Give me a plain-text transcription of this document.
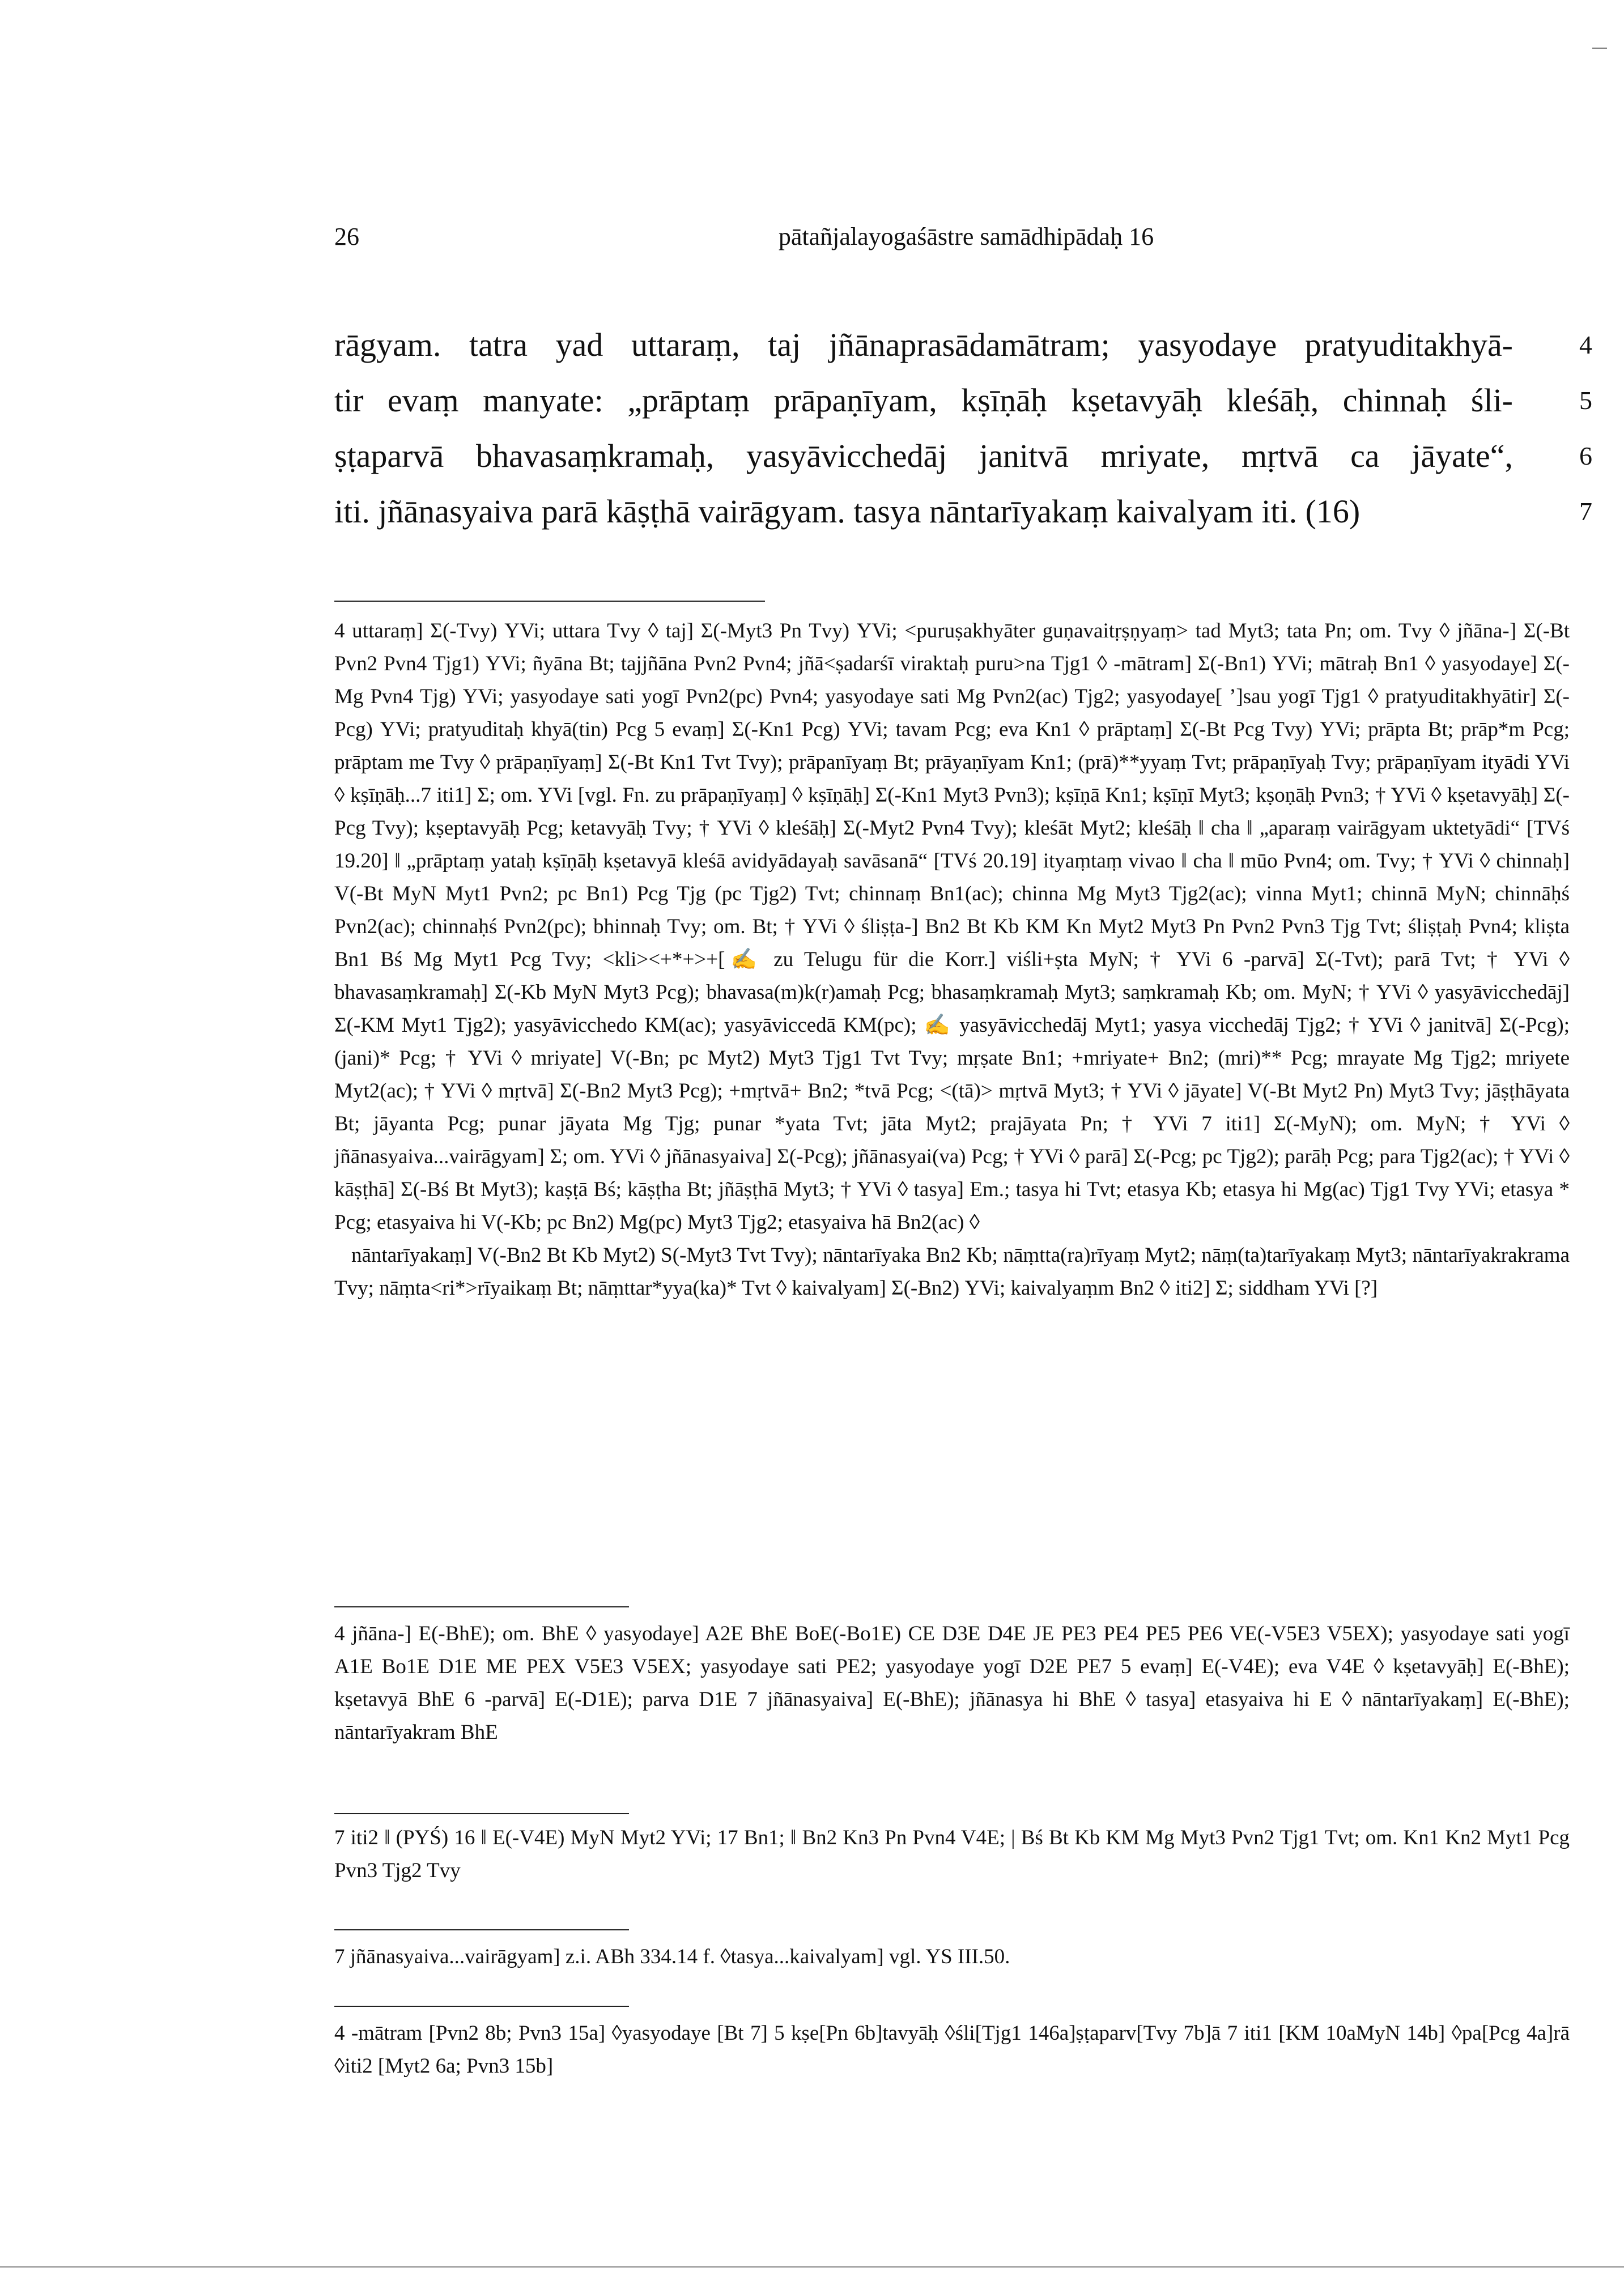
26	pātañjalayogaśāstre samādhipādaḥ 16
rāgyam. tatra yad uttaraṃ, taj jñānaprasādamātram; yasyodaye pratyuditakhyā-	4
tir evaṃ manyate: „prāptaṃ prāpaṇīyam, kṣīṇāḥ kṣetavyāḥ kleśāḥ, chinnaḥ śli-	5
ṣṭaparvā bhavasaṃkramaḥ, yasyāvicchedāj janitvā mriyate, mṛtvā ca jāyate“,	6
iti. jñānasyaiva parā kāṣṭhā vairāgyam. tasya nāntarīyakaṃ kaivalyam iti. (16)	7

4 uttaraṃ] Σ(-Tvy) YVi; uttara Tvy ◊ taj] Σ(-Myt3 Pn Tvy) YVi; <puruṣakhyāter guṇavaitṛṣṇyaṃ> tad Myt3; tata Pn; om. Tvy ◊ jñāna-] Σ(-Bt Pvn2 Pvn4 Tjg1) YVi; ñyāna Bt; tajjñāna Pvn2 Pvn4; jñā<ṣadarśī viraktaḥ puru>na Tjg1 ◊ -mātram] Σ(-Bn1) YVi; mātraḥ Bn1 ◊ yasyodaye] Σ(-Mg Pvn4 Tjg) YVi; yasyodaye sati yogī Pvn2(pc) Pvn4; yasyodaye sati Mg Pvn2(ac) Tjg2; yasyodaye[ ’]sau yogī Tjg1 ◊ pratyuditakhyātir] Σ(-Pcg) YVi; pratyuditaḥ khyā(tin) Pcg 5 evaṃ] Σ(-Kn1 Pcg) YVi; tavam Pcg; eva Kn1 ◊ prāptaṃ] Σ(-Bt Pcg Tvy) YVi; prāpta Bt; prāp*m Pcg; prāptam me Tvy ◊ prāpaṇīyaṃ] Σ(-Bt Kn1 Tvt Tvy); prāpanīyaṃ Bt; prāyaṇīyam Kn1; (prā)**yyaṃ Tvt; prāpaṇīyaḥ Tvy; prāpaṇīyam ityādi YVi ◊ kṣīṇāḥ...7 iti1] Σ; om. YVi [vgl. Fn. zu prāpaṇīyaṃ] ◊ kṣīṇāḥ] Σ(-Kn1 Myt3 Pvn3); kṣīṇā Kn1; kṣīṇī Myt3; kṣoṇāḥ Pvn3; † YVi ◊ kṣetavyāḥ] Σ(-Pcg Tvy); kṣeptavyāḥ Pcg; ketavyāḥ Tvy; † YVi ◊ kleśāḥ] Σ(-Myt2 Pvn4 Tvy); kleśāt Myt2; kleśāḥ ‖ cha ‖ „aparaṃ vairāgyam uktetyādi“ [TVś 19.20] ‖ „prāptaṃ yataḥ kṣīṇāḥ kṣetavyā kleśā avidyādayaḥ savāsanā“ [TVś 20.19] ityaṃtaṃ vivao ‖ cha ‖ mūo Pvn4; om. Tvy; † YVi ◊ chinnaḥ] V(-Bt MyN Myt1 Pvn2; pc Bn1) Pcg Tjg (pc Tjg2) Tvt; chinnaṃ Bn1(ac); chinna Mg Myt3 Tjg2(ac); vinna Myt1; chinnā MyN; chinnāḥś Pvn2(ac); chinnaḥś Pvn2(pc); bhinnaḥ Tvy; om. Bt; † YVi ◊ śliṣṭa-] Bn2 Bt Kb KM Kn Myt2 Myt3 Pn Pvn2 Pvn3 Tjg Tvt; śliṣṭaḥ Pvn4; kliṣta Bn1 Bś Mg Myt1 Pcg Tvy; <kli><+*+>+[✍ zu Telugu für die Korr.] viśli+ṣta MyN; † YVi 6 -parvā] Σ(-Tvt); parā Tvt; † YVi ◊ bhavasaṃkramaḥ] Σ(-Kb MyN Myt3 Pcg); bhavasa(m)k(r)amaḥ Pcg; bhasaṃkramaḥ Myt3; saṃkramaḥ Kb; om. MyN; † YVi ◊ yasyāvicchedāj] Σ(-KM Myt1 Tjg2); yasyāvicchedo KM(ac); yasyāviccedā KM(pc); ✍ yasyāvicchedāj Myt1; yasya vicchedāj Tjg2; † YVi ◊ janitvā] Σ(-Pcg); (jani)* Pcg; † YVi ◊ mriyate] V(-Bn; pc Myt2) Myt3 Tjg1 Tvt Tvy; mṛṣate Bn1; +mriyate+ Bn2; (mri)** Pcg; mrayate Mg Tjg2; mriyete Myt2(ac); † YVi ◊ mṛtvā] Σ(-Bn2 Myt3 Pcg); +mṛtvā+ Bn2; *tvā Pcg; <(tā)> mṛtvā Myt3; † YVi ◊ jāyate] V(-Bt Myt2 Pn) Myt3 Tvy; jāṣṭhāyata Bt; jāyanta Pcg; punar jāyata Mg Tjg; punar *yata Tvt; jāta Myt2; prajāyata Pn; † YVi 7 iti1] Σ(-MyN); om. MyN; † YVi ◊ jñānasyaiva...vairāgyam] Σ; om. YVi ◊ jñānasyaiva] Σ(-Pcg); jñānasyai(va) Pcg; † YVi ◊ parā] Σ(-Pcg; pc Tjg2); parāḥ Pcg; para Tjg2(ac); † YVi ◊ kāṣṭhā] Σ(-Bś Bt Myt3); kaṣṭā Bś; kāṣṭha Bt; jñāṣṭhā Myt3; † YVi ◊ tasya] Em.; tasya hi Tvt; etasya Kb; etasya hi Mg(ac) Tjg1 Tvy YVi; etasya * Pcg; etasyaiva hi V(-Kb; pc Bn2) Mg(pc) Myt3 Tjg2; etasyaiva hā Bn2(ac) ◊

nāntarīyakaṃ] V(-Bn2 Bt Kb Myt2) S(-Myt3 Tvt Tvy); nāntarīyaka Bn2 Kb; nāṃtta(ra)rīyaṃ Myt2; nāṃ(ta)tarīyakaṃ Myt3; nāntarīyakrakrama Tvy; nāṃta<ri*>rīyaikaṃ Bt; nāṃttar*yya(ka)* Tvt ◊ kaivalyam] Σ(-Bn2) YVi; kaivalyaṃm Bn2 ◊ iti2] Σ; siddham YVi [?]

4 jñāna-] E(-BhE); om. BhE ◊ yasyodaye] A2E BhE BoE(-Bo1E) CE D3E D4E JE PE3 PE4 PE5 PE6 VE(-V5E3 V5EX); yasyodaye sati yogī A1E Bo1E D1E ME PEX V5E3 V5EX; yasyodaye sati PE2; yasyodaye yogī D2E PE7 5 evaṃ] E(-V4E); eva V4E ◊ kṣetavyāḥ] E(-BhE); kṣetavyā BhE 6 -parvā] E(-D1E); parva D1E 7 jñānasyaiva] E(-BhE); jñānasya hi BhE ◊ tasya] etasyaiva hi E ◊ nāntarīyakaṃ] E(-BhE); nāntarīyakram BhE

7 iti2 ‖ (PYŚ) 16 ‖ E(-V4E) MyN Myt2 YVi; 17 Bn1; ‖ Bn2 Kn3 Pn Pvn4 V4E; | Bś Bt Kb KM Mg Myt3 Pvn2 Tjg1 Tvt; om. Kn1 Kn2 Myt1 Pcg Pvn3 Tjg2 Tvy

7 jñānasyaiva...vairāgyam] z.i. ABh 334.14 f. ◊tasya...kaivalyam] vgl. YS III.50.

4 -mātram [Pvn2 8b; Pvn3 15a] ◊yasyodaye [Bt 7] 5 kṣe[Pn 6b]tavyāḥ ◊śli[Tjg1 146a]ṣṭaparv[Tvy 7b]ā 7 iti1 [KM 10aMyN 14b] ◊pa[Pcg 4a]rā ◊iti2 [Myt2 6a; Pvn3 15b]
